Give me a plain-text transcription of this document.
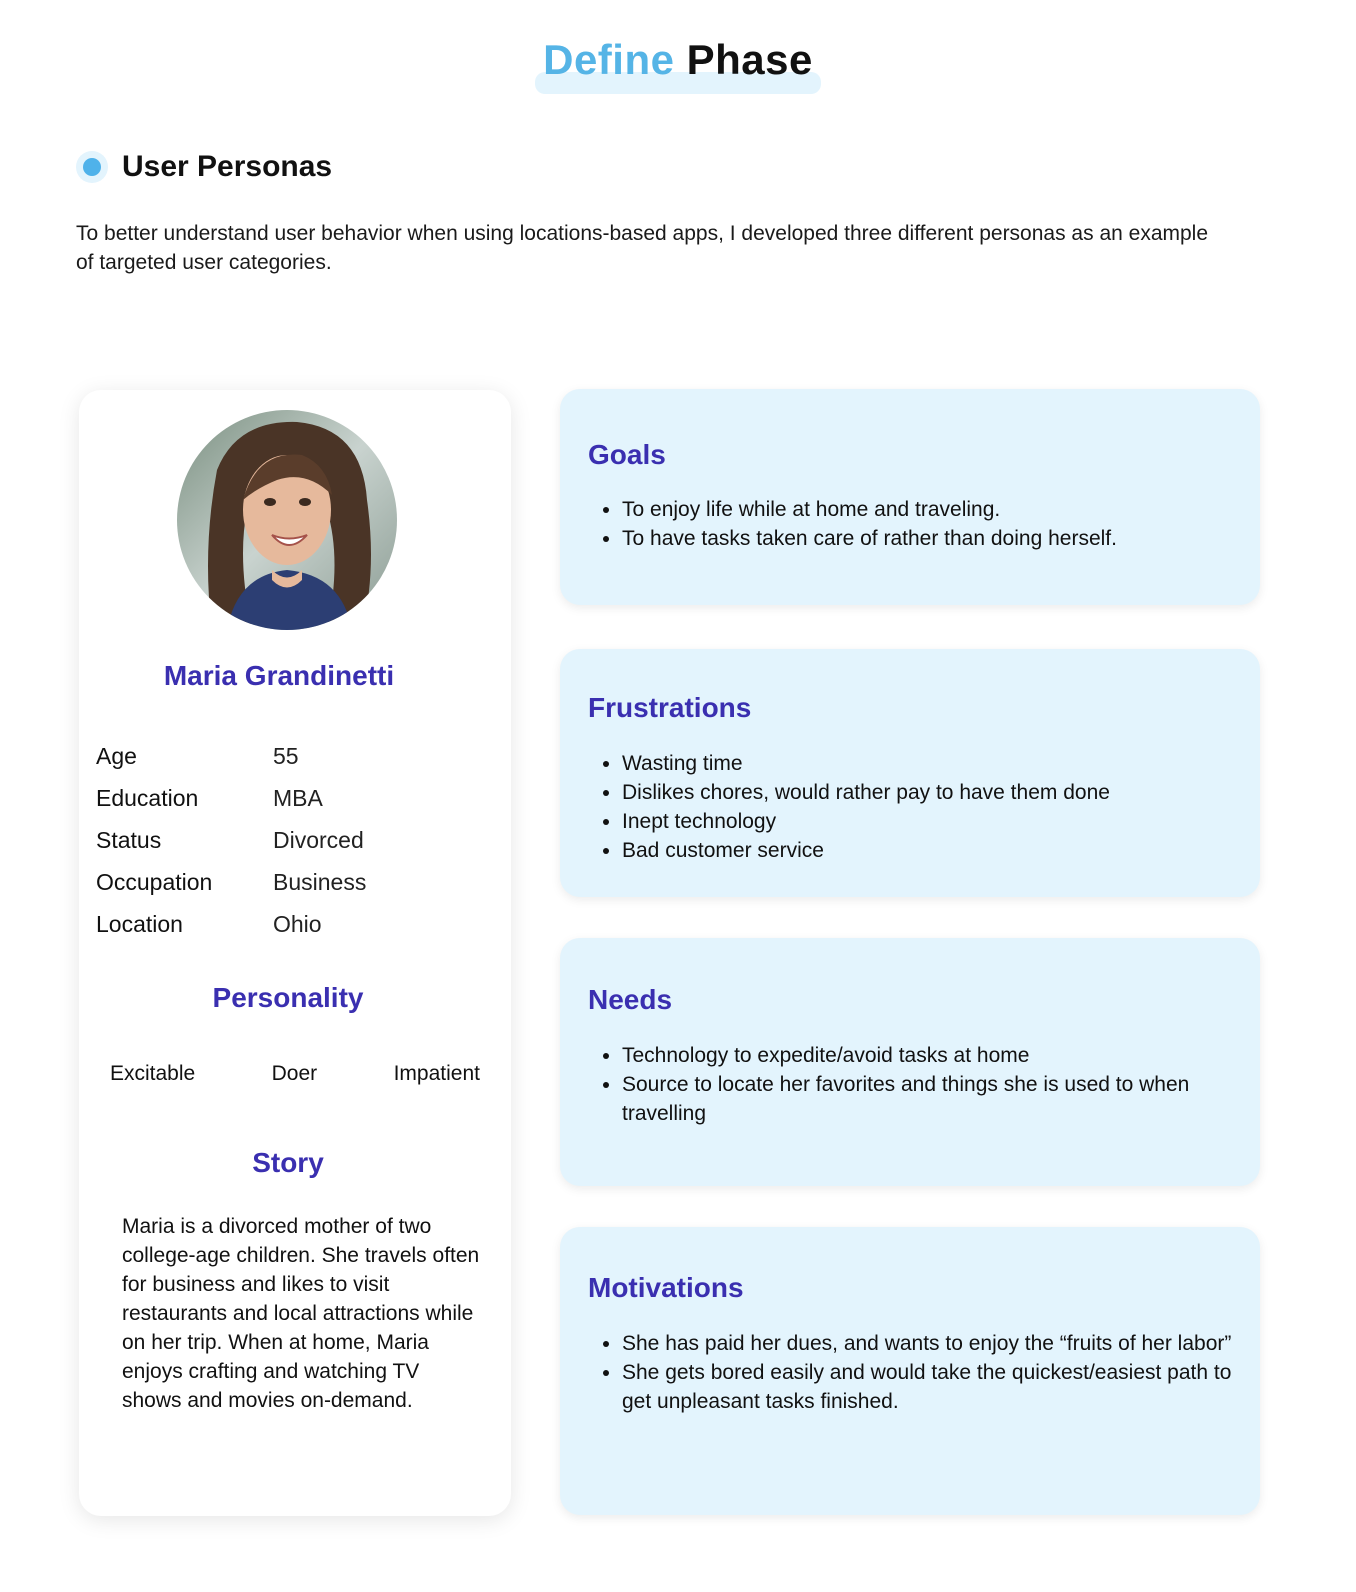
Define Phase
User Personas
To better understand user behavior when using locations-based apps, I developed three different personas as an example of targeted user categories.
Maria Grandinetti
Age	55
Education	MBA
Status	Divorced
Occupation	Business
Location	Ohio
Personality
Excitable	Doer	Impatient
Story
Maria is a divorced mother of two college-age children. She travels often for business and likes to visit restaurants and local attractions while on her trip. When at home, Maria enjoys crafting and watching TV shows and movies on-demand.
Goals
• To enjoy life while at home and traveling.
• To have tasks taken care of rather than doing herself.
Frustrations
• Wasting time
• Dislikes chores, would rather pay to have them done
• Inept technology
• Bad customer service
Needs
• Technology to expedite/avoid tasks at home
• Source to locate her favorites and things she is used to when travelling
Motivations
• She has paid her dues, and wants to enjoy the “fruits of her labor”
• She gets bored easily and would take the quickest/easiest path to get unpleasant tasks finished.
